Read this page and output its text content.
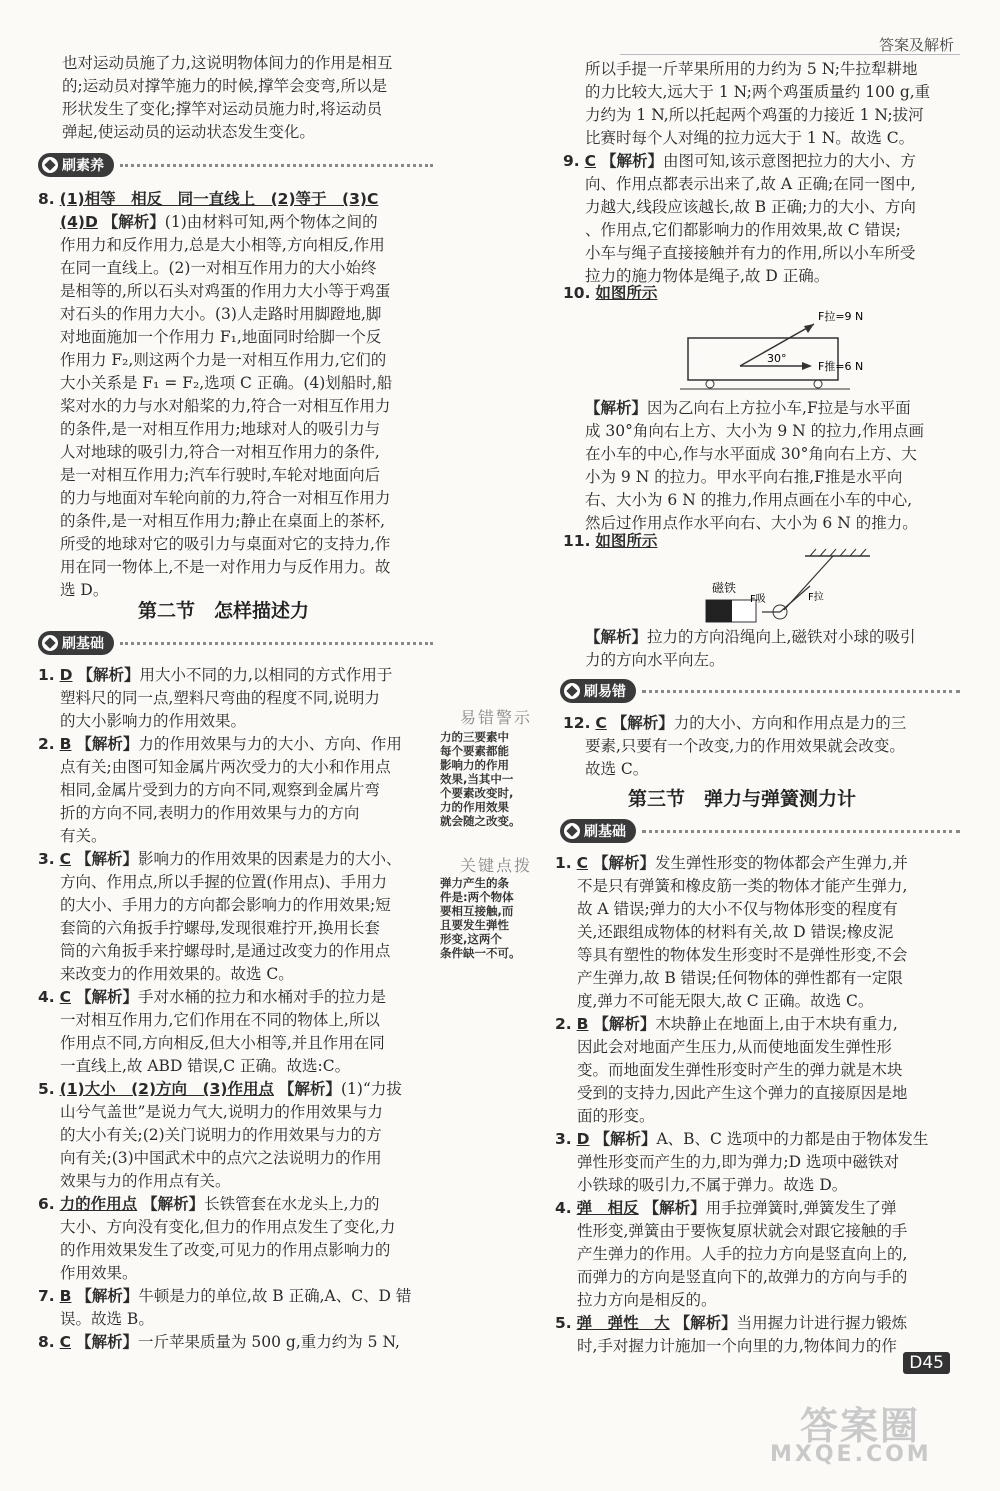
答案及解析

也对运动员施了力,这说明物体间力的作用是相互

的;运动员对撑竿施力的时候,撑竿会变弯,所以是

形状发生了变化;撑竿对运动员施力时,将运动员

弹起,使运动员的运动状态发生变化。

刷素养

8. (1)相等　相反　同一直线上　(2)等于　(3)C

(4)D 【解析】(1)由材料可知,两个物体之间的

作用力和反作用力,总是大小相等,方向相反,作用

在同一直线上。(2)一对相互作用力的大小始终

是相等的,所以石头对鸡蛋的作用力大小等于鸡蛋

对石头的作用力大小。(3)人走路时用脚蹬地,脚

对地面施加一个作用力 F₁,地面同时给脚一个反

作用力 F₂,则这两个力是一对相互作用力,它们的

大小关系是 F₁ = F₂,选项 C 正确。(4)划船时,船

桨对水的力与水对船桨的力,符合一对相互作用力

的条件,是一对相互作用力;地球对人的吸引力与

人对地球的吸引力,符合一对相互作用力的条件,

是一对相互作用力;汽车行驶时,车轮对地面向后

的力与地面对车轮向前的力,符合一对相互作用力

的条件,是一对相互作用力;静止在桌面上的茶杯,

所受的地球对它的吸引力与桌面对它的支持力,作

用在同一物体上,不是一对作用力与反作用力。故

选 D。

第二节　怎样描述力
刷基础

1. D 【解析】用大小不同的力,以相同的方式作用于

塑料尺的同一点,塑料尺弯曲的程度不同,说明力

的大小影响力的作用效果。

2. B 【解析】力的作用效果与力的大小、方向、作用

点有关;由图可知金属片两次受力的大小和作用点

相同,金属片受到力的方向不同,观察到金属片弯

折的方向不同,表明力的作用效果与力的方向

有关。

3. C 【解析】影响力的作用效果的因素是力的大小、

方向、作用点,所以手握的位置(作用点)、手用力

的大小、手用力的方向都会影响力的作用效果;短

套筒的六角扳手拧螺母,发现很难拧开,换用长套

筒的六角扳手来拧螺母时,是通过改变力的作用点

来改变力的作用效果的。故选 C。

4. C 【解析】手对水桶的拉力和水桶对手的拉力是

一对相互作用力,它们作用在不同的物体上,所以

作用点不同,方向相反,但大小相等,并且作用在同

一直线上,故 ABD 错误,C 正确。故选:C。

5. (1)大小　(2)方向　(3)作用点 【解析】(1)“力拔

山兮气盖世”是说力气大,说明力的作用效果与力

的大小有关;(2)关门说明力的作用效果与力的方

向有关;(3)中国武术中的点穴之法说明力的作用

效果与力的作用点有关。

6. 力的作用点 【解析】长铁管套在水龙头上,力的

大小、方向没有变化,但力的作用点发生了变化,力

的作用效果发生了改变,可见力的作用点影响力的

作用效果。

7. B 【解析】牛顿是力的单位,故 B 正确,A、C、D 错

误。故选 B。

8. C 【解析】一斤苹果质量为 500 g,重力约为 5 N,

易错警示
力的三要素中
每个要素都能
影响力的作用
效果,当其中一
个要素改变时,
力的作用效果
就会随之改变。
关键点拨
弹力产生的条
件是:两个物体
要相互接触,而
且要发生弹性
形变,这两个
条件缺一不可。

所以手提一斤苹果所用的力约为 5 N;牛拉犁耕地

的力比较大,远大于 1 N;两个鸡蛋质量约 100 g,重

力约为 1 N,所以托起两个鸡蛋的力接近 1 N;拔河

比赛时每个人对绳的拉力远大于 1 N。故选 C。

9. C 【解析】由图可知,该示意图把拉力的大小、方

向、作用点都表示出来了,故 A 正确;在同一图中,

力越大,线段应该越长,故 B 正确;力的大小、方向

、作用点,它们都影响力的作用效果,故 C 错误;

小车与绳子直接接触并有力的作用,所以小车所受

拉力的施力物体是绳子,故 D 正确。

10. 如图所示

30°
F拉=9 N
F推=6 N

【解析】因为乙向右上方拉小车,F拉是与水平面

成 30°角向右上方、大小为 9 N 的拉力,作用点画

在小车的中心,作与水平面成 30°角向右上方、大

小为 9 N 的拉力。甲水平向右推,F推是水平向

右、大小为 6 N 的推力,作用点画在小车的中心,

然后过作用点作水平向右、大小为 6 N 的推力。

11. 如图所示

磁铁
F吸	F拉

【解析】拉力的方向沿绳向上,磁铁对小球的吸引

力的方向水平向左。

刷易错

12. C 【解析】力的大小、方向和作用点是力的三

要素,只要有一个改变,力的作用效果就会改变。

故选 C。

第三节　弹力与弹簧测力计
刷基础

1. C 【解析】发生弹性形变的物体都会产生弹力,并

不是只有弹簧和橡皮筋一类的物体才能产生弹力,

故 A 错误;弹力的大小不仅与物体形变的程度有

关,还跟组成物体的材料有关,故 D 错误;橡皮泥

等具有塑性的物体发生形变时不是弹性形变,不会

产生弹力,故 B 错误;任何物体的弹性都有一定限

度,弹力不可能无限大,故 C 正确。故选 C。

2. B 【解析】木块静止在地面上,由于木块有重力,

因此会对地面产生压力,从而使地面发生弹性形

变。而地面发生弹性形变时产生的弹力就是木块

受到的支持力,因此产生这个弹力的直接原因是地

面的形变。

3. D 【解析】A、B、C 选项中的力都是由于物体发生

弹性形变而产生的力,即为弹力;D 选项中磁铁对

小铁球的吸引力,不属于弹力。故选 D。

4. 弹　相反 【解析】用手拉弹簧时,弹簧发生了弹

性形变,弹簧由于要恢复原状就会对跟它接触的手

产生弹力的作用。人手的拉力方向是竖直向上的,

而弹力的方向是竖直向下的,故弹力的方向与手的

拉力方向是相反的。

5. 弹　弹性　大 【解析】当用握力计进行握力锻炼

时,手对握力计施加一个向里的力,物体间力的作

D45
答案圈
MXQE.COM
